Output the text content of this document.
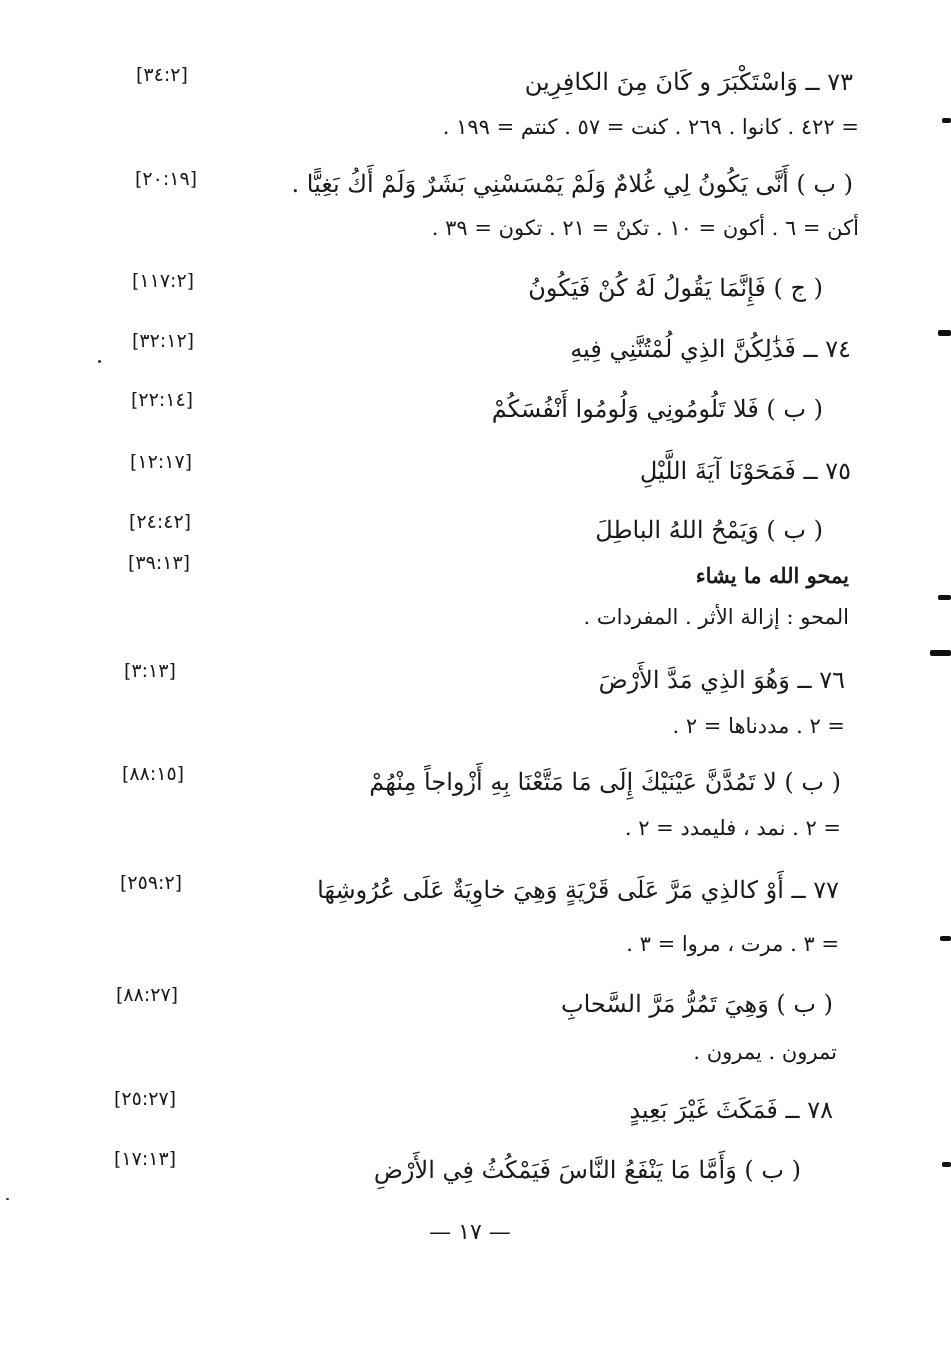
٧٣ ــ وَاسْتَكْبَرَ و كَانَ مِنَ الكافِرِين
= ٤٢٢ . كانوا . ٢٦٩ . كنت = ٥٧ . كنتم = ١٩٩ .
( ب ) أَنَّى يَكُونُ لِي غُلامٌ وَلَمْ يَمْسَسْنِي بَشَرٌ وَلَمْ أَكُ بَغِيًّا .
أكن = ٦ . أكون = ١٠ . تكنْ = ٢١ . تكون = ٣٩ .
( ج ) فَإِنَّمَا يَقُولُ لَهُ كُنْ فَيَكُونُ
٧٤ ــ فَذَٰلِكُنَّ الذِي لُمْتُنَّنِي فِيهِ
( ب ) فَلا تَلُومُونِي وَلُومُوا أَنْفُسَكُمْ
٧٥ ــ فَمَحَوْنَا آيَةَ اللَّيْلِ
( ب ) وَيَمْحُ اللهُ الباطِلَ
يمحو الله ما يشاء
المحو : إزالة الأثر . المفردات .
٧٦ ــ وَهُوَ الذِي مَدَّ الأَرْضَ
= ٢ . مددناها = ٢ .
( ب ) لا تَمُدَّنَّ عَيْنَيْكَ إِلَى مَا مَتَّعْنَا بِهِ أَزْواجاً مِنْهُمْ
= ٢ . نمد ، فليمدد = ٢ .
٧٧ ــ أَوْ كالذِي مَرَّ عَلَى قَرْيَةٍ وَهِيَ خاوِيَةٌ عَلَى عُرُوشِهَا
= ٣ . مرت ، مروا = ٣ .
( ب ) وَهِيَ تَمُرُّ مَرَّ السَّحابِ
تمرون . يمرون .
٧٨ ــ فَمَكَثَ غَيْرَ بَعِيدٍ
( ب ) وَأَمَّا مَا يَنْفَعُ النَّاسَ فَيَمْكُثُ فِي الأَرْضِ
[٣٤:٢]
[٢٠:١٩]
[١١٧:٢]
[٣٢:١٢]
[٢٢:١٤]
[١٢:١٧]
[٢٤:٤٢]
[٣٩:١٣]
[٣:١٣]
[٨٨:١٥]
[٢٥٩:٢]
[٨٨:٢٧]
[٢٥:٢٧]
[١٧:١٣]
— ١٧ —
